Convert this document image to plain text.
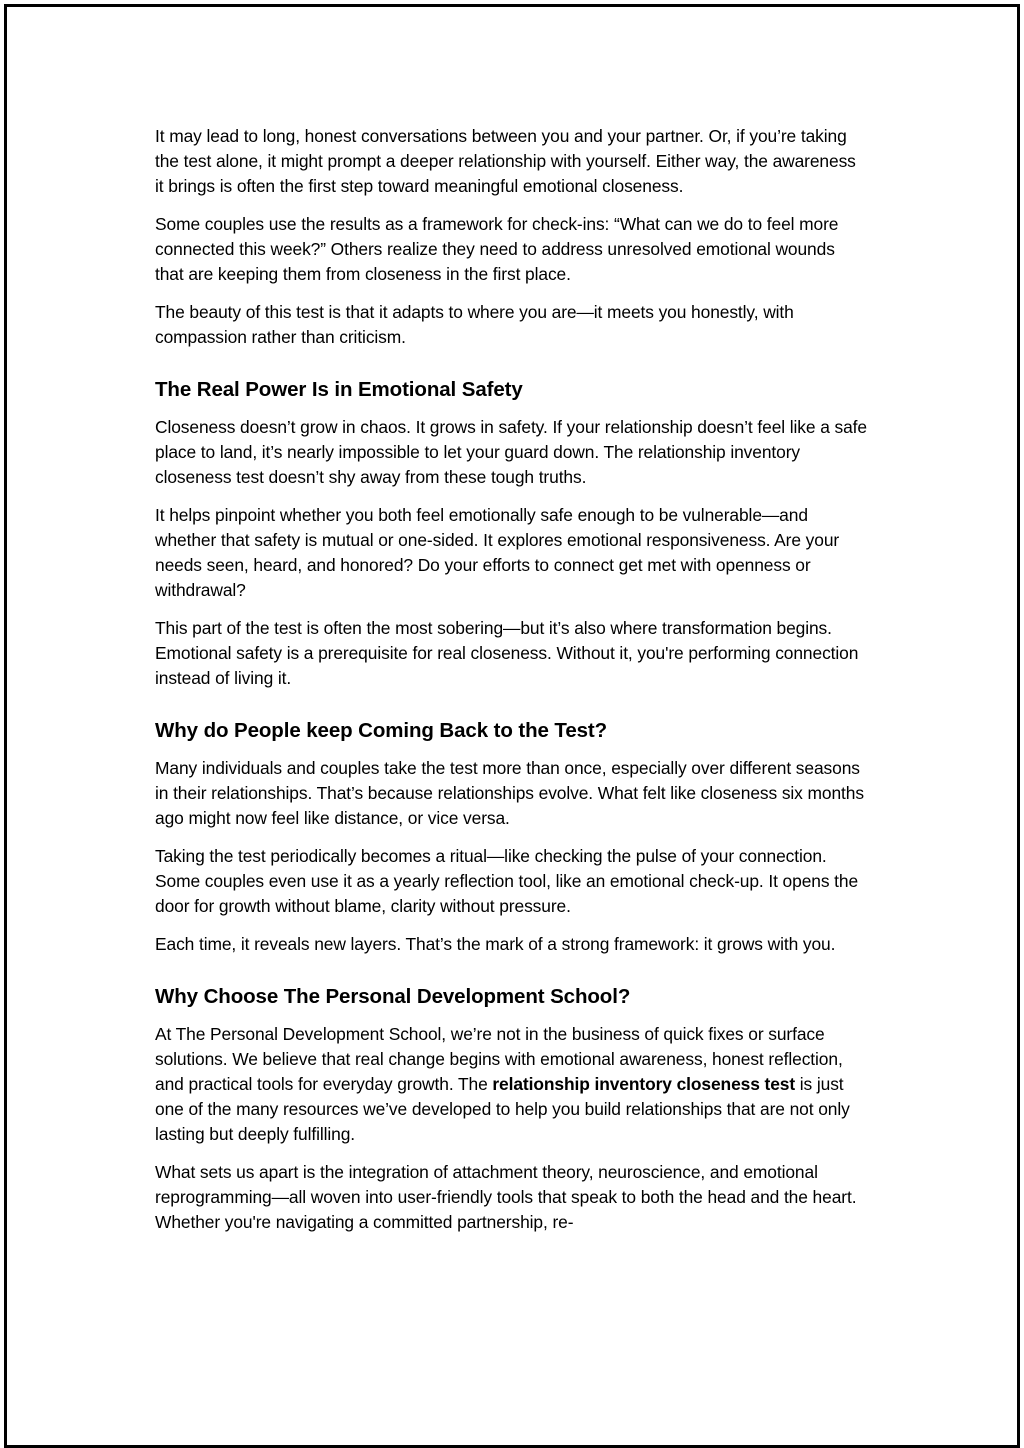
It may lead to long, honest conversations between you and your partner. Or, if you’re taking the test alone, it might prompt a deeper relationship with yourself. Either way, the awareness it brings is often the first step toward meaningful emotional closeness.

Some couples use the results as a framework for check-ins: “What can we do to feel more connected this week?” Others realize they need to address unresolved emotional wounds that are keeping them from closeness in the first place.

The beauty of this test is that it adapts to where you are—it meets you honestly, with compassion rather than criticism.

The Real Power Is in Emotional Safety

Closeness doesn’t grow in chaos. It grows in safety. If your relationship doesn’t feel like a safe place to land, it’s nearly impossible to let your guard down. The relationship inventory closeness test doesn’t shy away from these tough truths.

It helps pinpoint whether you both feel emotionally safe enough to be vulnerable—and whether that safety is mutual or one-sided. It explores emotional responsiveness. Are your needs seen, heard, and honored? Do your efforts to connect get met with openness or withdrawal?

This part of the test is often the most sobering—but it’s also where transformation begins. Emotional safety is a prerequisite for real closeness. Without it, you're performing connection instead of living it.

Why do People keep Coming Back to the Test?

Many individuals and couples take the test more than once, especially over different seasons in their relationships. That’s because relationships evolve. What felt like closeness six months ago might now feel like distance, or vice versa.

Taking the test periodically becomes a ritual—like checking the pulse of your connection. Some couples even use it as a yearly reflection tool, like an emotional check-up. It opens the door for growth without blame, clarity without pressure.

Each time, it reveals new layers. That’s the mark of a strong framework: it grows with you.

Why Choose The Personal Development School?

At The Personal Development School, we’re not in the business of quick fixes or surface solutions. We believe that real change begins with emotional awareness, honest reflection, and practical tools for everyday growth. The relationship inventory closeness test is just one of the many resources we’ve developed to help you build relationships that are not only lasting but deeply fulfilling.

What sets us apart is the integration of attachment theory, neuroscience, and emotional reprogramming—all woven into user-friendly tools that speak to both the head and the heart. Whether you're navigating a committed partnership, re-
